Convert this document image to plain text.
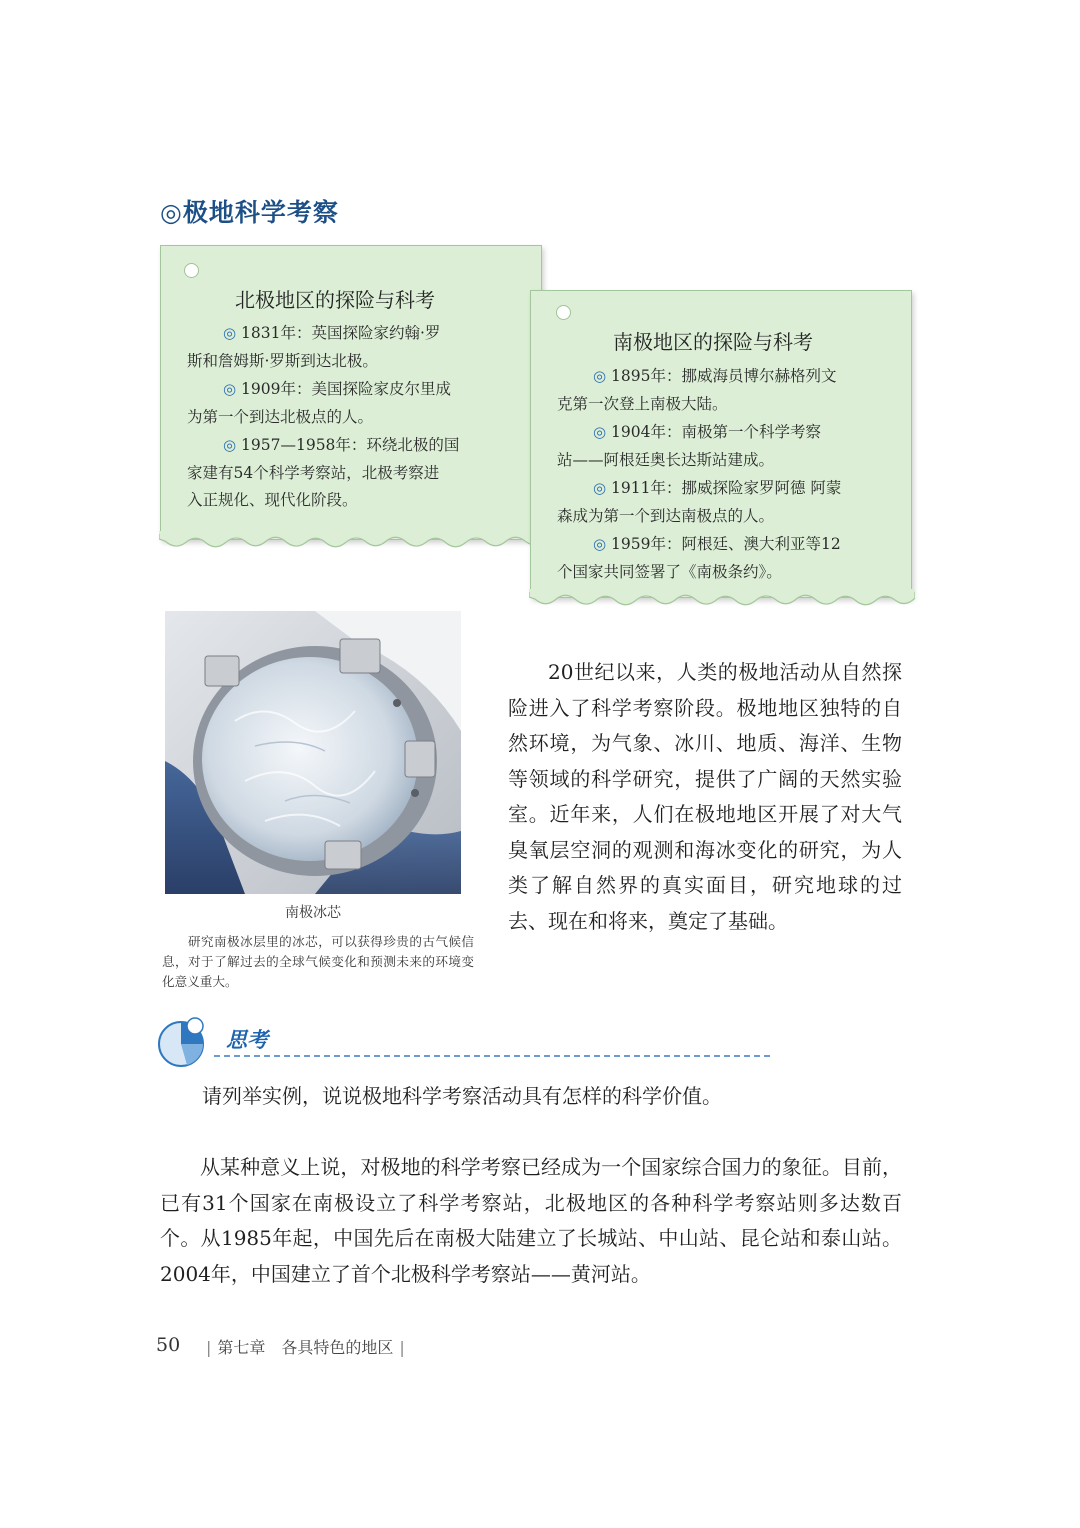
◎极地科学考察
北极地区的探险与科考
◎ 1831年：英国探险家约翰·罗
斯和詹姆斯·罗斯到达北极。
◎ 1909年：美国探险家皮尔里成
为第一个到达北极点的人。
◎ 1957—1958年：环绕北极的国
家建有54个科学考察站，北极考察进
入正规化、现代化阶段。
南极地区的探险与科考
◎ 1895年：挪威海员博尔赫格列文
克第一次登上南极大陆。
◎ 1904年：南极第一个科学考察
站——阿根廷奥长达斯站建成。
◎ 1911年：挪威探险家罗阿德 阿蒙
森成为第一个到达南极点的人。
◎ 1959年：阿根廷、澳大利亚等12
个国家共同签署了《南极条约》。
南极冰芯
研究南极冰层里的冰芯，可以获得珍贵的古气候信息，对于了解过去的全球气候变化和预测未来的环境变化意义重大。
20世纪以来，人类的极地活动从自然探险进入了科学考察阶段。极地地区独特的自然环境，为气象、冰川、地质、海洋、生物等领域的科学研究，提供了广阔的天然实验室。近年来，人们在极地地区开展了对大气臭氧层空洞的观测和海冰变化的研究，为人类了解自然界的真实面目，研究地球的过去、现在和将来，奠定了基础。
思考
请列举实例，说说极地科学考察活动具有怎样的科学价值。
从某种意义上说，对极地的科学考察已经成为一个国家综合国力的象征。目前，已有31个国家在南极设立了科学考察站，北极地区的各种科学考察站则多达数百个。从1985年起，中国先后在南极大陆建立了长城站、中山站、昆仑站和泰山站。2004年，中国建立了首个北极科学考察站——黄河站。
50	| 第七章　各具特色的地区 |
